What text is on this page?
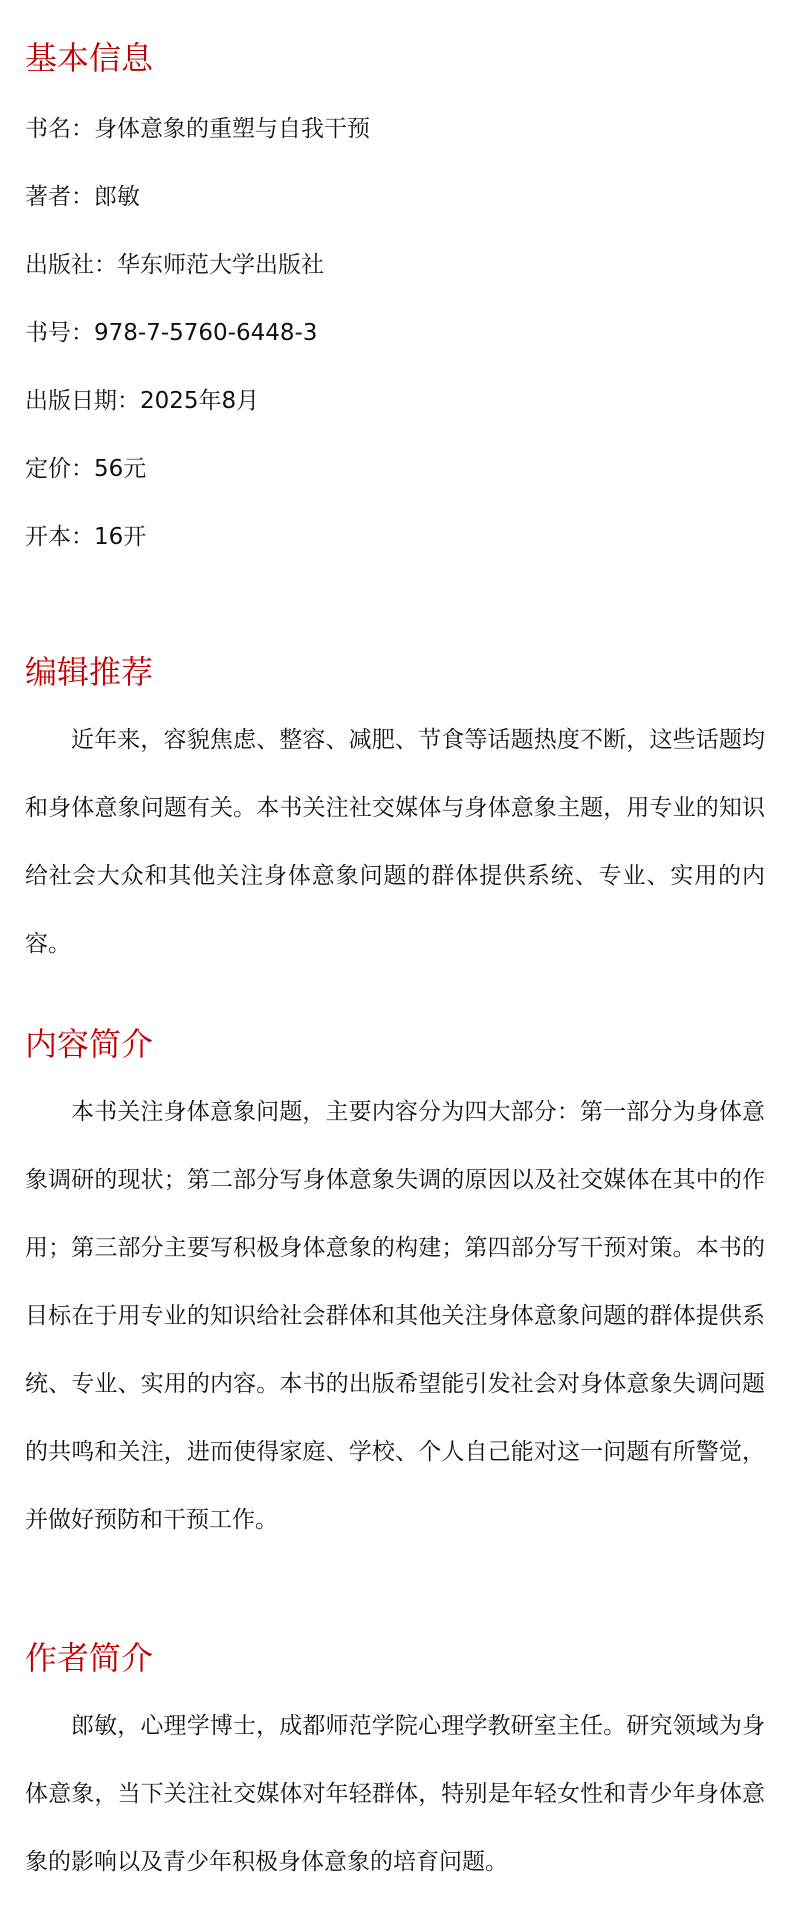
基本信息

书名：身体意象的重塑与自我干预

著者：郎敏

出版社：华东师范大学出版社

书号：978-7-5760-6448-3

出版日期：2025年8月

定价：56元

开本：16开

编辑推荐

近年来，容貌焦虑、整容、减肥、节食等话题热度不断，这些话题均和身体意象问题有关。本书关注社交媒体与身体意象主题，用专业的知识给社会大众和其他关注身体意象问题的群体提供系统、专业、实用的内容。

内容简介

本书关注身体意象问题，主要内容分为四大部分：第一部分为身体意象调研的现状；第二部分写身体意象失调的原因以及社交媒体在其中的作用；第三部分主要写积极身体意象的构建；第四部分写干预对策。本书的目标在于用专业的知识给社会群体和其他关注身体意象问题的群体提供系统、专业、实用的内容。本书的出版希望能引发社会对身体意象失调问题的共鸣和关注，进而使得家庭、学校、个人自己能对这一问题有所警觉，并做好预防和干预工作。

作者简介

郎敏，心理学博士，成都师范学院心理学教研室主任。研究领域为身体意象，当下关注社交媒体对年轻群体，特别是年轻女性和青少年身体意象的影响以及青少年积极身体意象的培育问题。
